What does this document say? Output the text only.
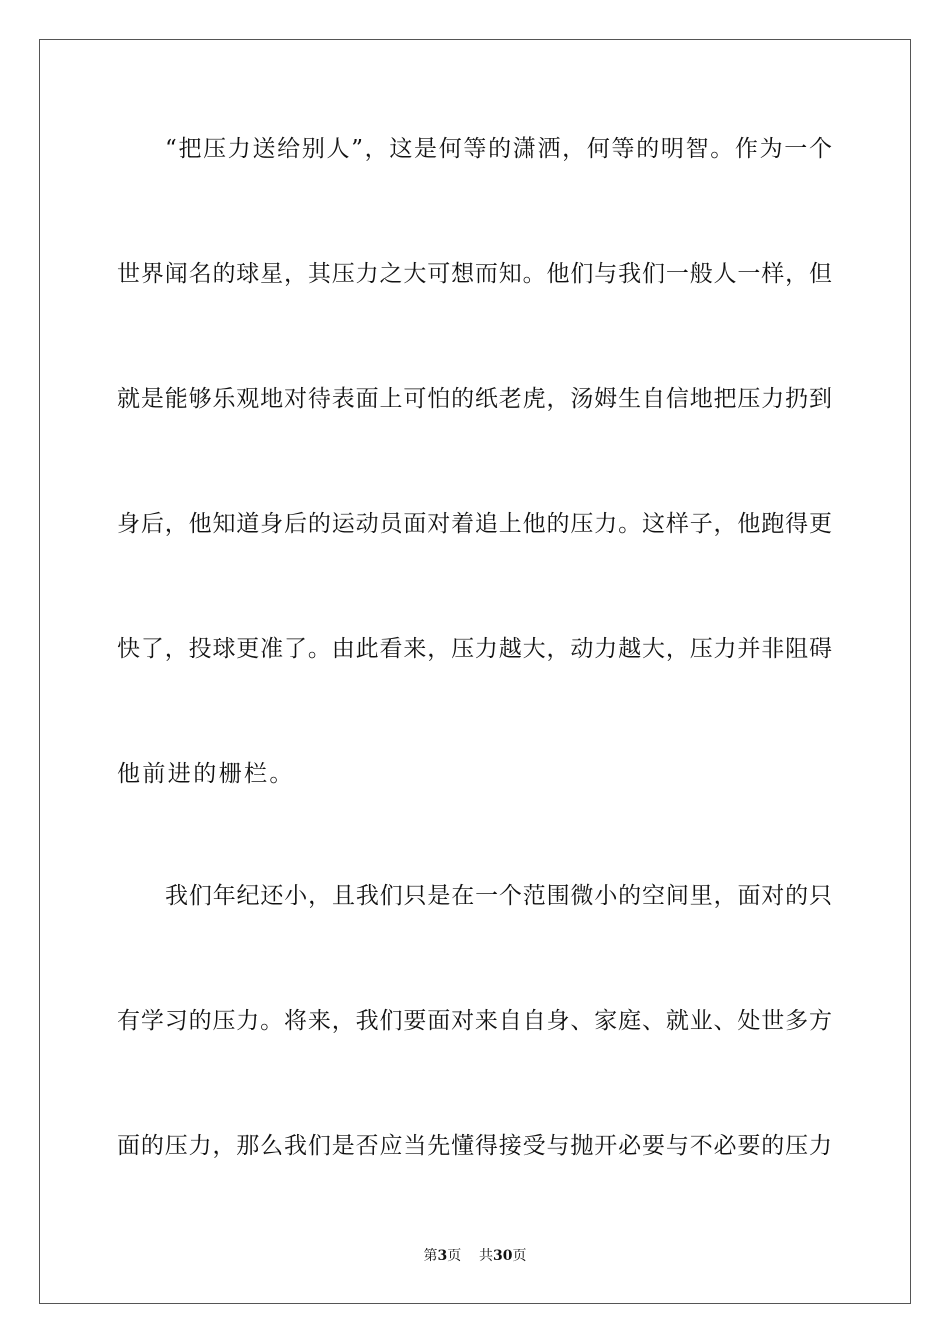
“把压力送给别人”，这是何等的潇洒，何等的明智。作为一个
世界闻名的球星，其压力之大可想而知。他们与我们一般人一样，但
就是能够乐观地对待表面上可怕的纸老虎，汤姆生自信地把压力扔到
身后，他知道身后的运动员面对着追上他的压力。这样子，他跑得更
快了，投球更准了。由此看来，压力越大，动力越大，压力并非阻碍
他前进的栅栏。
我们年纪还小，且我们只是在一个范围微小的空间里，面对的只
有学习的压力。将来，我们要面对来自自身、家庭、就业、处世多方
面的压力，那么我们是否应当先懂得接受与抛开必要与不必要的压力
第3页 共30页
